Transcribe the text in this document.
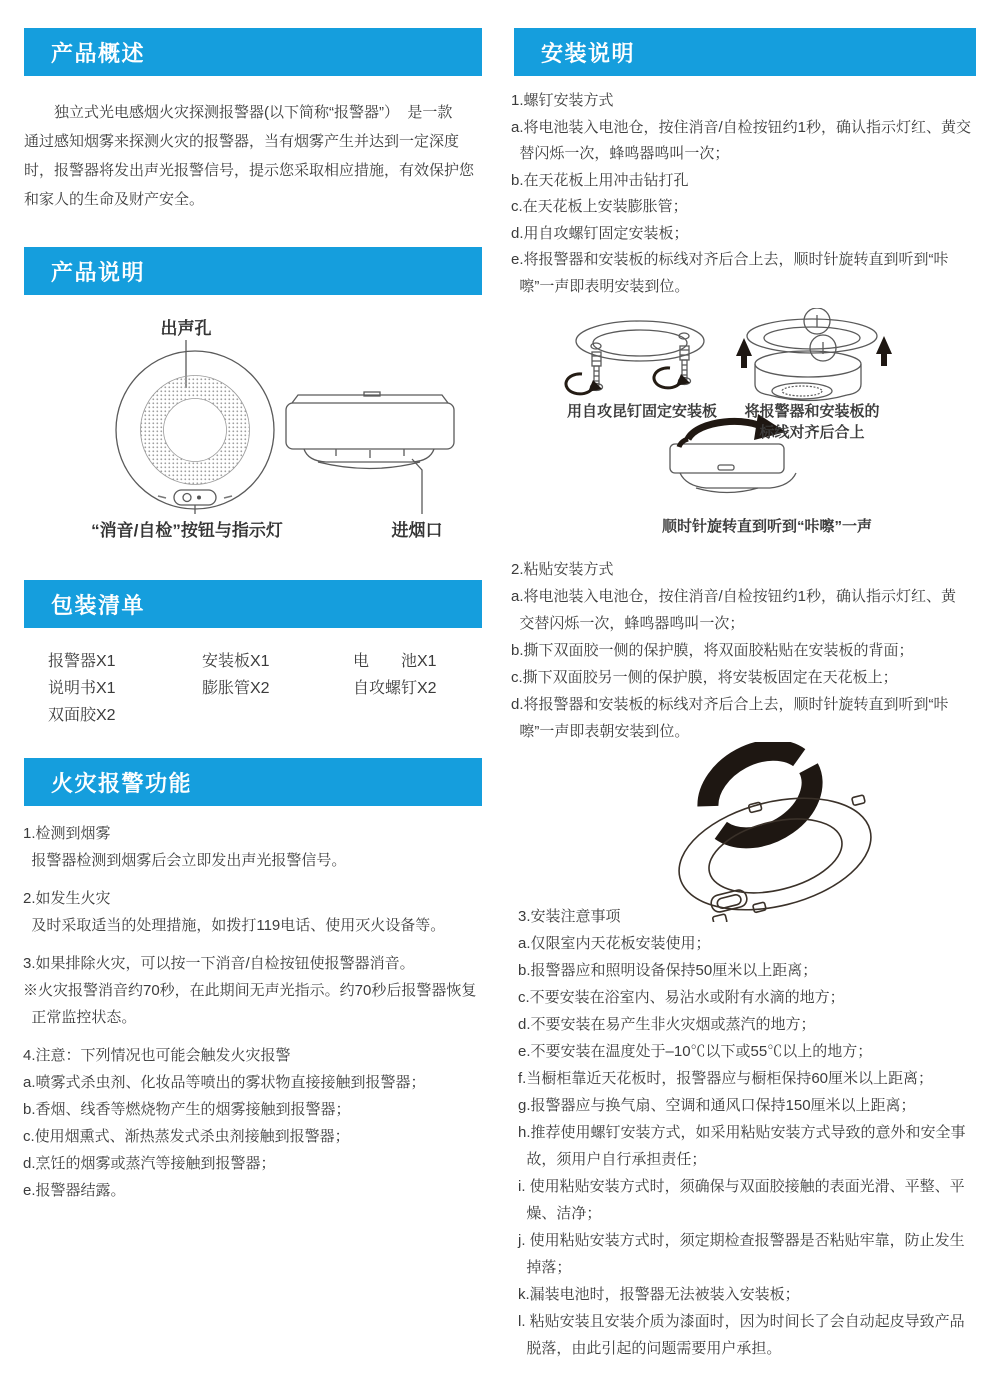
产品概述
　　独立式光电感烟火灾探测报警器(以下简称“报警器”）  是一款
通过感知烟雾来探测火灾的报警器，当有烟雾产生并达到一定深度
时，报警器将发出声光报警信号，提示您采取相应措施，有效保护您
和家人的生命及财产安全。
产品说明
出声孔
“消音/自检”按钮与指示灯	进烟口
包装清单
报警器X1	安装板X1	电　　池X1
说明书X1	膨胀管X2	自攻螺钉X2
双面胶X2
火灾报警功能
1.检测到烟雾
报警器检测到烟雾后会立即发出声光报警信号。
2.如发生火灾
及时采取适当的处理措施，如拨打119电话、使用灭火设备等。
3.如果排除火灾，可以按一下消音/自检按钮使报警器消音。
※火灾报警消音约70秒，在此期间无声光指示。约70秒后报警器恢复
正常监控状态。
4.注意：下列情况也可能会触发火灾报警
a.喷雾式杀虫剂、化妆品等喷出的雾状物直接接触到报警器；
b.香烟、线香等燃烧物产生的烟雾接触到报警器；
c.使用烟熏式、渐热蒸发式杀虫剂接触到报警器；
d.烹饪的烟雾或蒸汽等接触到报警器；
e.报警器结露。
安装说明
1.螺钉安装方式
a.将电池装入电池仓，按住消音/自检按钮约1秒，确认指示灯红、黄交
替闪烁一次，蜂鸣器鸣叫一次；
b.在天花板上用冲击钻打孔
c.在天花板上安装膨胀管；
d.用自攻螺钉固定安装板；
e.将报警器和安装板的标线对齐后合上去，顺时针旋转直到听到“咔
嚓”一声即表明安装到位。
用自攻昆钉固定安装板	将报警器和安装板的
标线对齐后合上
顺时针旋转直到听到“咔嚓”一声
2.粘贴安装方式
a.将电池装入电池仓，按住消音/自检按钮约1秒，确认指示灯红、黄
交替闪烁一次，蜂鸣器鸣叫一次；
b.撕下双面胶一侧的保护膜，将双面胶粘贴在安装板的背面；
c.撕下双面胶另一侧的保护膜，将安装板固定在天花板上；
d.将报警器和安装板的标线对齐后合上去，顺时针旋转直到听到“咔
嚓”一声即表朝安装到位。
3.安装注意事项
a.仅限室内天花板安装使用；
b.报警器应和照明设备保持50厘米以上距离；
c.不要安装在浴室内、易沾水或附有水滴的地方；
d.不要安装在易产生非火灾烟或蒸汽的地方；
e.不要安装在温度处于–10℃以下或55℃以上的地方；
f.当橱柜靠近天花板时，报警器应与橱柜保持60厘米以上距离；
g.报警器应与换气扇、空调和通风口保持150厘米以上距离；
h.推荐使用螺钉安装方式，如采用粘贴安装方式导致的意外和安全事
故，须用户自行承担责任；
i. 使用粘贴安装方式时，须确保与双面胶接触的表面光滑、平整、平
燥、洁净；
j. 使用粘贴安装方式时，须定期检查报警器是否粘贴牢靠，防止发生
掉落；
k.漏装电池时，报警器无法被装入安装板；
l. 粘贴安装且安装介质为漆面时，因为时间长了会自动起皮导致产品
脱落，由此引起的问题需要用户承担。
